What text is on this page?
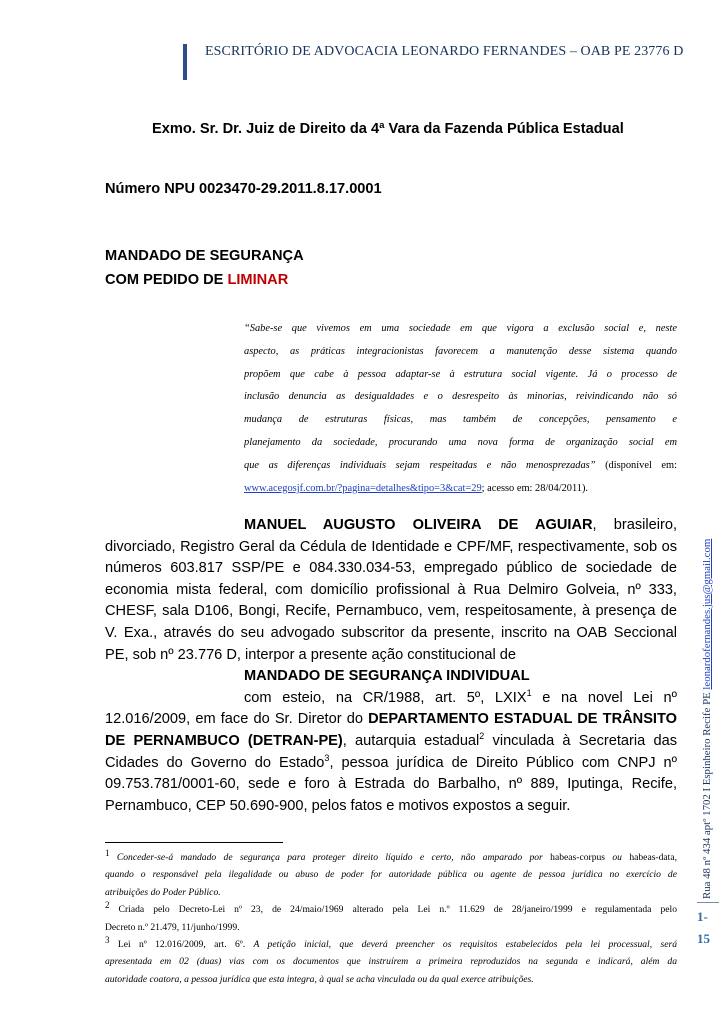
ESCRITÓRIO DE ADVOCACIA LEONARDO FERNANDES – OAB PE 23776 D
Exmo. Sr. Dr. Juiz de Direito da 4ª Vara da Fazenda Pública Estadual
Número NPU 0023470-29.2011.8.17.0001
MANDADO DE SEGURANÇA
COM PEDIDO DE LIMINAR
“Sabe-se que vivemos em uma sociedade em que vigora a exclusão social e, neste
aspecto, as práticas integracionistas favorecem a manutenção desse sistema quando
propõem que cabe à pessoa adaptar-se à estrutura social vigente. Já o processo de
inclusão denuncia as desigualdades e o desrespeito às minorias, reivindicando não só
mudança de estruturas físicas, mas também de concepções, pensamento e
planejamento da sociedade, procurando uma nova forma de organização social em
que as diferenças individuais sejam respeitadas e não menosprezadas” (disponível em:
www.acegosjf.com.br/?pagina=detalhes&tipo=3&cat=29; acesso em: 28/04/2011).
MANUEL AUGUSTO OLIVEIRA DE AGUIAR, brasileiro,
divorciado, Registro Geral da Cédula de Identidade e CPF/MF, respectivamente, sob os
números 603.817 SSP/PE e 084.330.034-53, empregado público de sociedade de
economia mista federal, com domicílio profissional à Rua Delmiro Golveia, nº 333,
CHESF, sala D106, Bongi, Recife, Pernambuco, vem, respeitosamente, à presença de
V. Exa., através do seu advogado subscritor da presente, inscrito na OAB Seccional
PE, sob nº 23.776 D, interpor a presente ação constitucional de
MANDADO DE SEGURANÇA INDIVIDUAL
com esteio, na CR/1988, art. 5º, LXIX$^1$ e na novel Lei nº
12.016/2009, em face do Sr. Diretor do DEPARTAMENTO ESTADUAL DE TRÂNSITO
DE PERNAMBUCO (DETRAN-PE), autarquia estadual$^2$ vinculada à Secretaria das
Cidades do Governo do Estado$^3$, pessoa jurídica de Direito Público com CNPJ nº
09.753.781/0001-60, sede e foro à Estrada do Barbalho, nº 889, Iputinga, Recife,
Pernambuco, CEP 50.690-900, pelos fatos e motivos expostos a seguir.
$^1$ Conceder-se-á mandado de segurança para proteger direito líquido e certo, não amparado por habeas-corpus ou habeas-data,
quando o responsável pela ilegalidade ou abuso de poder for autoridade pública ou agente de pessoa jurídica no exercício de
atribuições do Poder Público.
$^2$ Criada pelo Decreto-Lei nº 23, de 24/maio/1969 alterado pela Lei n.º 11.629 de 28/janeiro/1999 e regulamentada pelo
Decreto n.º 21.479, 11/junho/1999.
$^3$ Lei nº 12.016/2009, art. 6º. A petição inicial, que deverá preencher os requisitos estabelecidos pela lei processual, será
apresentada em 02 (duas) vias com os documentos que instruírem a primeira reproduzidos na segunda e indicará, além da
autoridade coatora, a pessoa jurídica que esta integra, à qual se acha vinculada ou da qual exerce atribuições.
Rua 48 nº 434 aptº 1702 I Espinheiro Recife PE leonardofernandes.jus@gmail.com
1-
15
